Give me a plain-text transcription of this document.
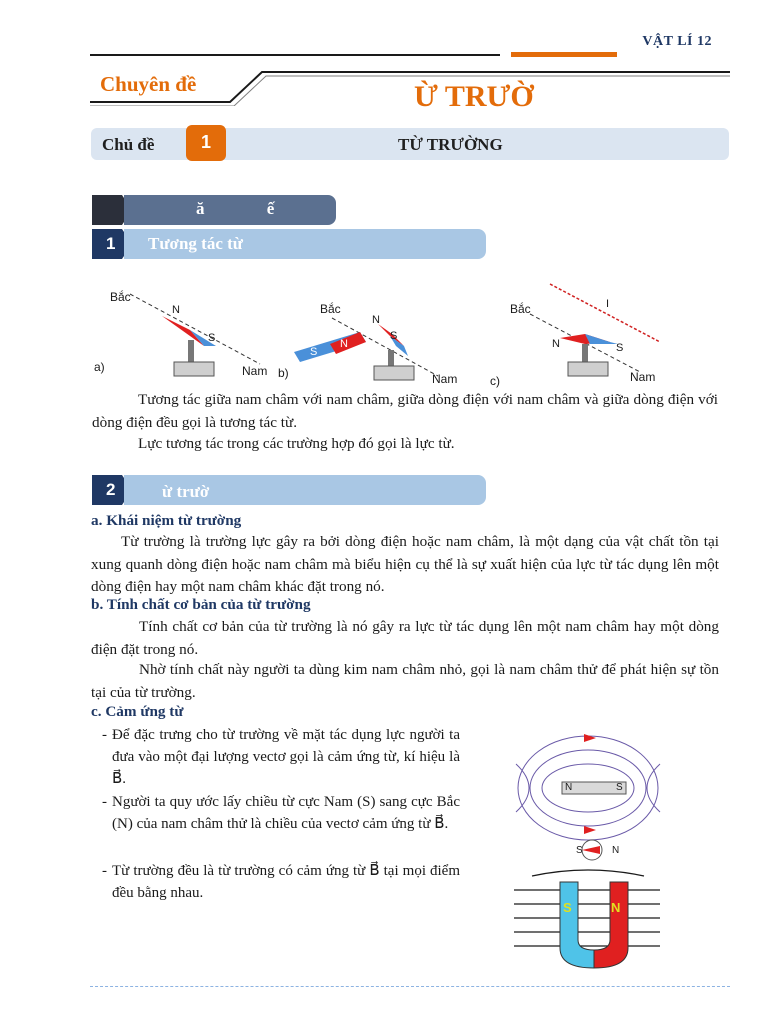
VẬT LÍ 12
Chuyên đề	Ừ TRƯỜ
Chủ đề	1	TỪ TRƯỜNG
ă ế
1 Tương tác từ
Bắc
N
S
a)	Nam
Bắc
N
S
S
N
b)	Nam
Bắc	I
N	S
c)	Nam
Tương tác giữa nam châm với nam châm, giữa dòng điện với nam châm và giữa dòng điện với dòng điện đều gọi là tương tác từ.
Lực tương tác trong các trường hợp đó gọi là lực từ.
2	ừ trườ
a. Khái niệm từ trường
Từ trường là trường lực gây ra bởi dòng điện hoặc nam châm, là một dạng của vật chất tồn tại xung quanh dòng điện hoặc nam châm mà biểu hiện cụ thể là sự xuất hiện của lực từ tác dụng lên một dòng điện hay một nam châm khác đặt trong nó.
b. Tính chất cơ bản của từ trường
Tính chất cơ bản của từ trường là nó gây ra lực từ tác dụng lên một nam châm hay một dòng điện đặt trong nó.
Nhờ tính chất này người ta dùng kim nam châm nhỏ, gọi là nam châm thử để phát hiện sự tồn tại của từ trường.
c. Cảm ứng từ
- Để đặc trưng cho từ trường về mặt tác dụng lực người ta đưa vào một đại lượng vectơ gọi là cảm ứng từ, kí hiệu là B⃗.
- Người ta quy ước lấy chiều từ cực Nam (S) sang cực Bắc (N) của nam châm thử là chiều của vectơ cảm ứng từ B⃗.
- Từ trường đều là từ trường có cảm ứng từ B⃗ tại mọi điểm đều bằng nhau.
N	S
S	N
S	N
